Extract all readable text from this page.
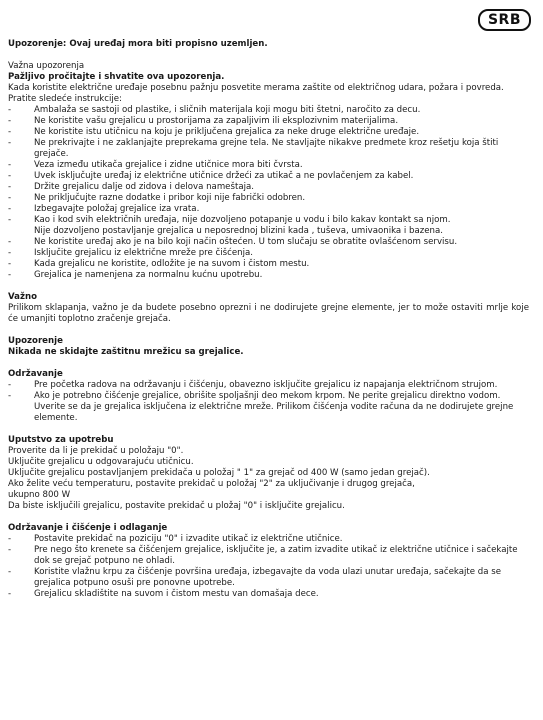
SRB

Upozorenje: Ovaj uređaj mora biti propisno uzemljen.

Važna upozorenja

Pažljivo pročitajte i shvatite ova upozorenja.

Kada koristite električne uređaje posebnu pažnju posvetite merama zaštite od električnog udara, požara i povreda.

Pratite sledeće instrukcije:

- Ambalaža se sastoji od plastike, i sličnih materijala koji mogu biti štetni, naročito za decu.
- Ne koristite vašu grejalicu u prostorijama za zapaljivim ili eksplozivnim materijalima.
- Ne koristite istu utičnicu na koju je priključena grejalica za neke druge električne uređaje.
- Ne prekrivajte i ne zaklanjajte preprekama grejne tela. Ne stavljajte nikakve predmete kroz rešetju koja štiti grejače.
- Veza između utikača grejalice i zidne utičnice mora biti čvrsta.
- Uvek isključujte uređaj iz električne utičnice držeći za utikač a ne povlačenjem za kabel.
- Držite grejalicu dalje od zidova i delova nameštaja.
- Ne priključujte razne dodatke i pribor koji nije fabrički odobren.
- Izbegavajte položaj grejalice iza vrata.
- Kao i kod svih električnih uređaja, nije dozvoljeno potapanje u vodu i bilo kakav kontakt sa njom.

Nije dozvoljeno postavljanje grejalica u neposrednoj blizini kada , tuševa, umivaonika i bazena.

- Ne koristite uređaj ako je na bilo koji način oštećen. U tom slučaju se obratite ovlašćenom servisu.
- Isključite grejalicu iz električne mreže pre čišćenja.
- Kada grejalicu ne koristite, odložite je na suvom i čistom mestu.
- Grejalica je namenjena za normalnu kućnu upotrebu.

Važno

Prilikom sklapanja, važno je da budete posebno oprezni i ne dodirujete grejne elemente, jer to može ostaviti mrlje koje će umanjiti toplotno zračenje grejača.

Upozorenje

Nikada ne skidajte zaštitnu mrežicu sa grejalice.

Održavanje

- Pre početka radova na održavanju i čišćenju, obavezno isključite grejalicu iz napajanja električnom strujom.
- Ako je potrebno čišćenje grejalice, obrišite spoljašnji deo mekom krpom. Ne perite grejalicu direktno vodom. Uverite se da je grejalica isključena iz električne mreže. Prilikom čišćenja vodite računa da ne dodirujete grejne elemente.

Uputstvo za upotrebu

Proverite da li je prekidač u položaju "0".

Uključite grejalicu u odgovarajuću utičnicu.

Uključite grejalicu postavljanjem prekidača u položaj " 1" za grejač od 400 W (samo jedan grejač).

Ako želite veću temperaturu, postavite prekidač u položaj "2" za uključivanje i drugog grejača,

ukupno 800 W

Da biste isključili grejalicu, postavite prekidač u pložaj "0" i isključite grejalicu.

Održavanje i čišćenje i odlaganje

- Postavite prekidač na poziciju "0" i izvadite utikač iz električne utičnice.
- Pre nego što krenete sa čišćenjem grejalice, isključite je, a zatim izvadite utikač iz električne utičnice i sačekajte dok se grejač potpuno ne ohladi.
- Koristite vlažnu krpu za čišćenje površina uređaja, izbegavajte da voda ulazi unutar uređaja, sačekajte da se grejalica potpuno osuši pre ponovne upotrebe.
- Grejalicu skladištite na suvom i čistom mestu van domašaja dece.
